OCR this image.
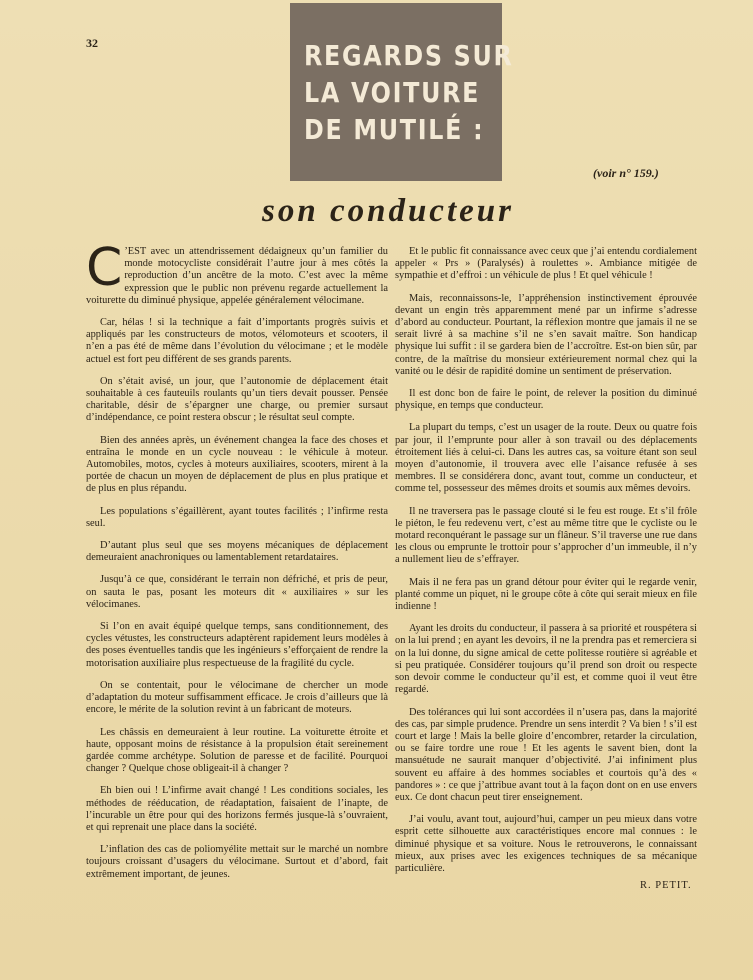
32	REGARDS SUR
LA VOITURE
DE MUTILÉ :
(voir n° 159.)
son conducteur

C ’EST avec un attendrissement dédaigneux qu’un familier du monde motocycliste considérait l’autre jour à mes côtés la reproduction d’un ancêtre de la moto. C’est avec la même expression que le public non prévenu regarde actuellement la voiturette du diminué physique, appelée généralement vélocimane.

Car, hélas ! si la technique a fait d’importants progrès suivis et appliqués par les constructeurs de motos, vélomoteurs et scooters, il n’en a pas été de même dans l’évolution du vélocimane ; et le modèle actuel est fort peu différent de ses grands parents.

On s’était avisé, un jour, que l’autonomie de déplacement était souhaitable à ces fauteuils roulants qu’un tiers devait pousser. Pensée charitable, désir de s’épargner une charge, ou premier sursaut d’indépendance, ce point restera obscur ; le résultat seul compte.

Bien des années après, un événement changea la face des choses et entraîna le monde en un cycle nouveau : le véhicule à moteur. Automobiles, motos, cycles à moteurs auxiliaires, scooters, mirent à la portée de chacun un moyen de déplacement de plus en plus pratique et de plus en plus répandu.

Les populations s’égaillèrent, ayant toutes facilités ; l’infirme resta seul.

D’autant plus seul que ses moyens mécaniques de déplacement demeuraient anachroniques ou lamentablement retardataires.

Jusqu’à ce que, considérant le terrain non défriché, et pris de peur, on sauta le pas, posant les moteurs dit « auxiliaires » sur les vélocimanes.

Si l’on en avait équipé quelque temps, sans conditionnement, des cycles vétustes, les constructeurs adaptèrent rapidement leurs modèles à des poses éventuelles tandis que les ingénieurs s’efforçaient de rendre la motorisation auxiliaire plus respectueuse de la fragilité du cycle.

On se contentait, pour le vélocimane de chercher un mode d’adaptation du moteur suffisamment efficace. Je crois d’ailleurs que là encore, le mérite de la solution revint à un fabricant de moteurs.

Les châssis en demeuraient à leur routine. La voiturette étroite et haute, opposant moins de résistance à la propulsion était sereinement gardée comme archétype. Solution de paresse et de facilité. Pourquoi changer ? Quelque chose obligeait-il à changer ?

Eh bien oui ! L’infirme avait changé ! Les conditions sociales, les méthodes de rééducation, de réadaptation, faisaient de l’inapte, de l’incurable un être pour qui des horizons fermés jusque-là s’ouvraient, et qui reprenait une place dans la société.

L’inflation des cas de poliomyélite mettait sur le marché un nombre toujours croissant d’usagers du vélocimane. Surtout et d’abord, fait extrêmement important, de jeunes.

Et le public fit connaissance avec ceux que j’ai entendu cordialement appeler « Prs » (Paralysés) à roulettes ». Ambiance mitigée de sympathie et d’effroi : un véhicule de plus ! Et quel véhicule !

Mais, reconnaissons-le, l’appréhension instinctivement éprouvée devant un engin très apparemment mené par un infirme s’adresse d’abord au conducteur. Pourtant, la réflexion montre que jamais il ne se serait livré à sa machine s’il ne s’en savait maître. Son handicap physique lui suffit : il se gardera bien de l’accroître. Est-on bien sûr, par contre, de la maîtrise du monsieur extérieurement normal chez qui la vanité ou le désir de rapidité domine un sentiment de préservation.

Il est donc bon de faire le point, de relever la position du diminué physique, en temps que conducteur.

La plupart du temps, c’est un usager de la route. Deux ou quatre fois par jour, il l’emprunte pour aller à son travail ou des déplacements étroitement liés à celui-ci. Dans les autres cas, sa voiture étant son seul moyen d’autonomie, il trouvera avec elle l’aisance refusée à ses membres. Il se considérera donc, avant tout, comme un conducteur, et comme tel, possesseur des mêmes droits et soumis aux mêmes devoirs.

Il ne traversera pas le passage clouté si le feu est rouge. Et s’il frôle le piéton, le feu redevenu vert, c’est au même titre que le cycliste ou le motard reconquérant le passage sur un flâneur. S’il traverse une rue dans les clous ou emprunte le trottoir pour s’approcher d’un immeuble, il n’y a nullement lieu de s’effrayer.

Mais il ne fera pas un grand détour pour éviter qui le regarde venir, planté comme un piquet, ni le groupe côte à côte qui serait mieux en file indienne !

Ayant les droits du conducteur, il passera à sa priorité et rouspétera si on la lui prend ; en ayant les devoirs, il ne la prendra pas et remerciera si on la lui donne, du signe amical de cette politesse routière si agréable et si peu pratiquée. Considérer toujours qu’il prend son droit ou respecte son devoir comme le conducteur qu’il est, et comme quoi il veut être regardé.

Des tolérances qui lui sont accordées il n’usera pas, dans la majorité des cas, par simple prudence. Prendre un sens interdit ? Va bien ! s’il est court et large ! Mais la belle gloire d’encombrer, retarder la circulation, ou se faire tordre une roue ! Et les agents le savent bien, dont la mansuétude ne saurait manquer d’objectivité. J’ai infiniment plus souvent eu affaire à des hommes sociables et courtois qu’à des « pandores » : ce que j’attribue avant tout à la façon dont on en use envers eux. Ce dont chacun peut tirer enseignement.

J’ai voulu, avant tout, aujourd’hui, camper un peu mieux dans votre esprit cette silhouette aux caractéristiques encore mal connues : le diminué physique et sa voiture. Nous le retrouverons, le connaissant mieux, aux prises avec les exigences techniques de sa mécanique particulière.

R. PETIT.
